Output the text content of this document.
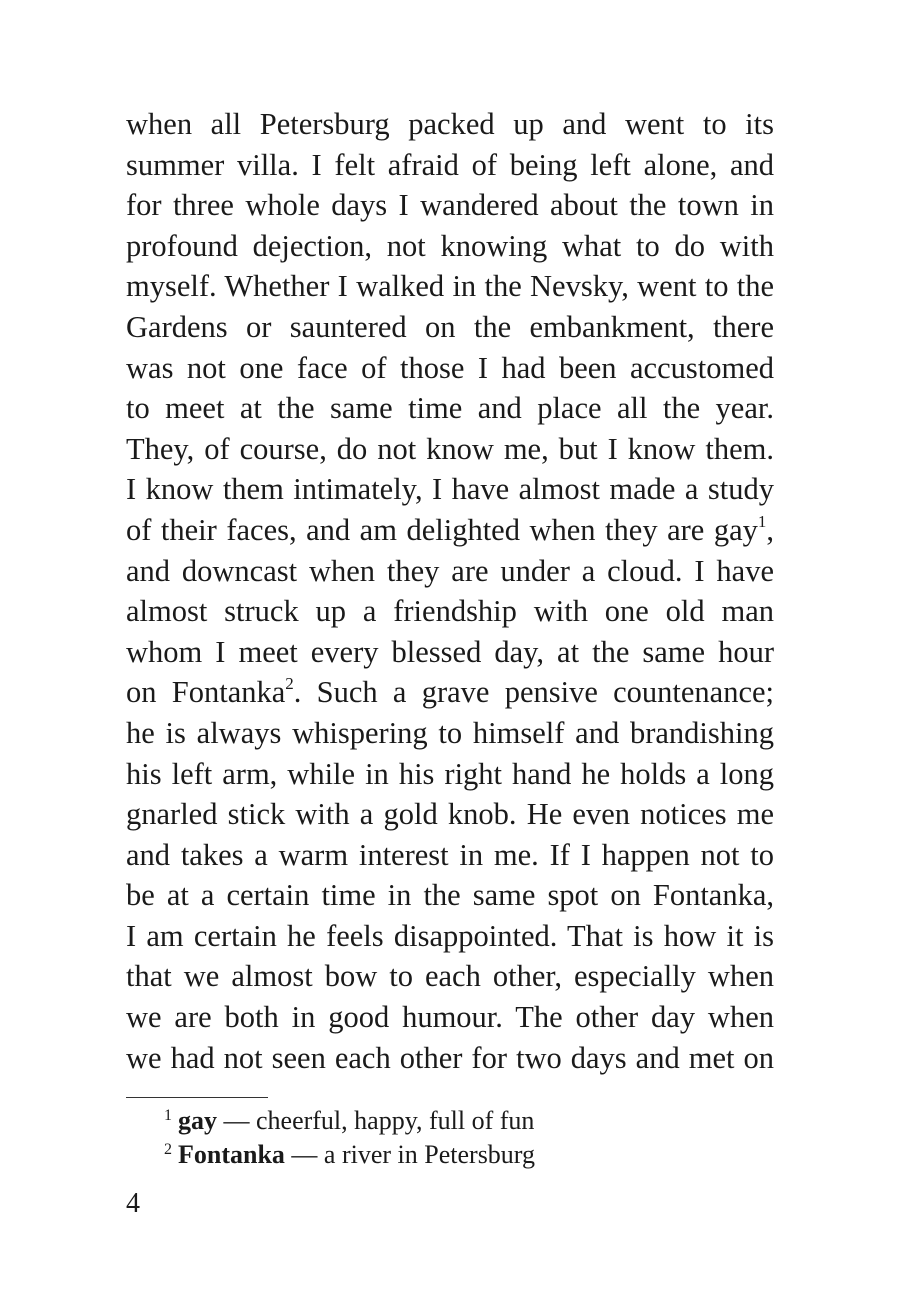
when all Petersburg packed up and went to its
summer villa. I felt afraid of being left alone, and
for three whole days I wandered about the town in
profound dejection, not knowing what to do with
myself. Whether I walked in the Nevsky, went to the
Gardens or sauntered on the embankment, there
was not one face of those I had been accustomed
to meet at the same time and place all the year.
They, of course, do not know me, but I know them.
I know them intimately, I have almost made a study
of their faces, and am delighted when they are gay$^1$,
and downcast when they are under a cloud. I have
almost struck up a friendship with one old man
whom I meet every blessed day, at the same hour
on Fontanka$^2$. Such a grave pensive countenance;
he is always whispering to himself and brandishing
his left arm, while in his right hand he holds a long
gnarled stick with a gold knob. He even notices me
and takes a warm interest in me. If I happen not to
be at a certain time in the same spot on Fontanka,
I am certain he feels disappointed. That is how it is
that we almost bow to each other, especially when
we are both in good humour. The other day when
we had not seen each other for two days and met on
$^1$ gay — cheerful, happy, full of fun
$^2$ Fontanka — a river in Petersburg
4
